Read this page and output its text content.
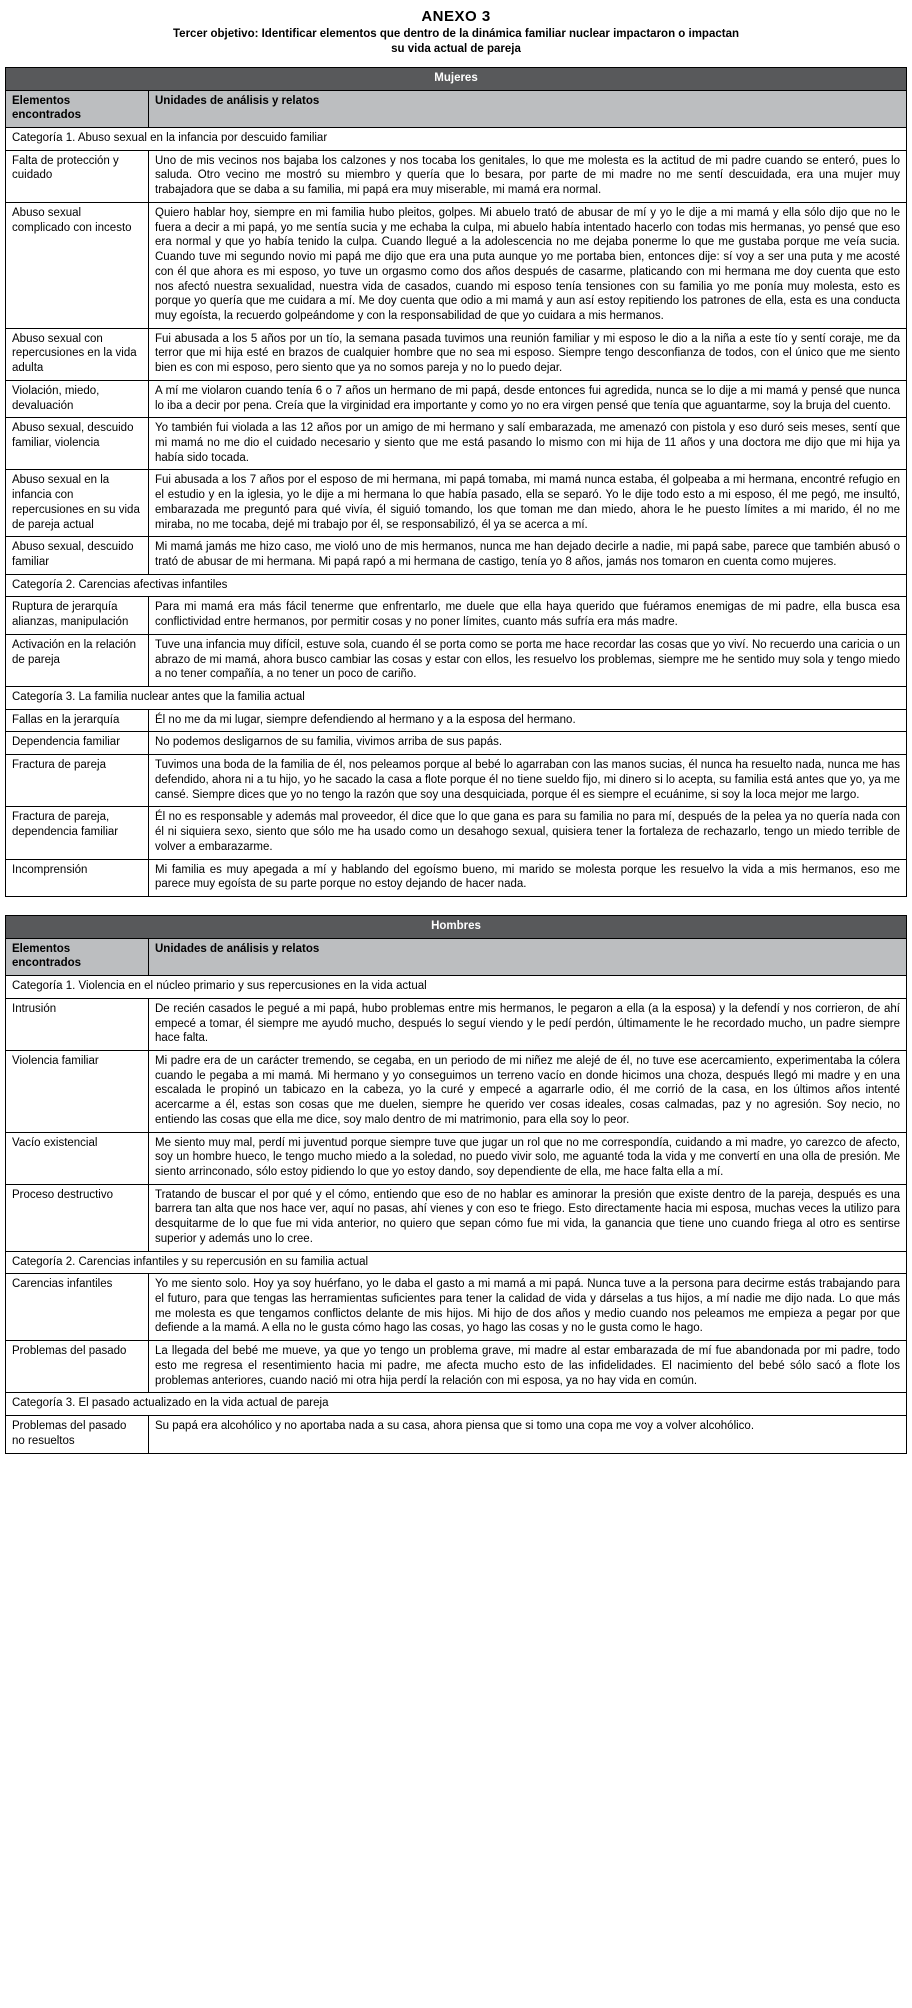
ANEXO 3
Tercer objetivo: Identificar elementos que dentro de la dinámica familiar nuclear impactaron o impactan
su vida actual de pareja
Mujeres	
Elementos encontrados	Unidades de análisis y relatos
Categoría 1. Abuso sexual en la infancia por descuido familiar	
Falta de protección y cuidado	Uno de mis vecinos nos bajaba los calzones y nos tocaba los genitales, lo que me molesta es la actitud de mi padre cuando se enteró, pues lo saluda. Otro vecino me mostró su miembro y quería que lo besara, por parte de mi madre no me sentí descuidada, era una mujer muy trabajadora que se daba a su familia, mi papá era muy miserable, mi mamá era normal.
Abuso sexual complicado con incesto	Quiero hablar hoy, siempre en mi familia hubo pleitos, golpes. Mi abuelo trató de abusar de mí y yo le dije a mi mamá y ella sólo dijo que no le fuera a decir a mi papá, yo me sentía sucia y me echaba la culpa, mi abuelo había intentado hacerlo con todas mis hermanas, yo pensé que eso era normal y que yo había tenido la culpa. Cuando llegué a la adolescencia no me dejaba ponerme lo que me gustaba porque me veía sucia. Cuando tuve mi segundo novio mi papá me dijo que era una puta aunque yo me portaba bien, entonces dije: sí voy a ser una puta y me acosté con él que ahora es mi esposo, yo tuve un orgasmo como dos años después de casarme, platicando con mi hermana me doy cuenta que esto nos afectó nuestra sexualidad, nuestra vida de casados, cuando mi esposo tenía tensiones con su familia yo me ponía muy molesta, esto es porque yo quería que me cuidara a mí. Me doy cuenta que odio a mi mamá y aun así estoy repitiendo los patrones de ella, esta es una conducta muy egoísta, la recuerdo golpeándome y con la responsabilidad de que yo cuidara a mis hermanos.
Abuso sexual con repercusiones en la vida adulta	Fui abusada a los 5 años por un tío, la semana pasada tuvimos una reunión familiar y mi esposo le dio a la niña a este tío y sentí coraje, me da terror que mi hija esté en brazos de cualquier hombre que no sea mi esposo. Siempre tengo desconfianza de todos, con el único que me siento bien es con mi esposo, pero siento que ya no somos pareja y no lo puedo dejar.
Violación, miedo, devaluación	A mí me violaron cuando tenía 6 o 7 años un hermano de mi papá, desde entonces fui agredida, nunca se lo dije a mi mamá y pensé que nunca lo iba a decir por pena. Creía que la virginidad era importante y como yo no era virgen pensé que tenía que aguantarme, soy la bruja del cuento.
Abuso sexual, descuido familiar, violencia	Yo también fui violada a las 12 años por un amigo de mi hermano y salí embarazada, me amenazó con pistola y eso duró seis meses, sentí que mi mamá no me dio el cuidado necesario y siento que me está pasando lo mismo con mi hija de 11 años y una doctora me dijo que mi hija ya había sido tocada.
Abuso sexual en la infancia con repercusiones en su vida de pareja actual	Fui abusada a los 7 años por el esposo de mi hermana, mi papá tomaba, mi mamá nunca estaba, él golpeaba a mi hermana, encontré refugio en el estudio y en la iglesia, yo le dije a mi hermana lo que había pasado, ella se separó. Yo le dije todo esto a mi esposo, él me pegó, me insultó, embarazada me preguntó para qué vivía, él siguió tomando, los que toman me dan miedo, ahora le he puesto límites a mi marido, él no me miraba, no me tocaba, dejé mi trabajo por él, se responsabilizó, él ya se acerca a mí.
Abuso sexual, descuido familiar	Mi mamá jamás me hizo caso, me violó uno de mis hermanos, nunca me han dejado decirle a nadie, mi papá sabe, parece que también abusó o trató de abusar de mi hermana. Mi papá rapó a mi hermana de castigo, tenía yo 8 años, jamás nos tomaron en cuenta como mujeres.
Categoría 2. Carencias afectivas infantiles	
Ruptura de jerarquía alianzas, manipulación	Para mi mamá era más fácil tenerme que enfrentarlo, me duele que ella haya querido que fuéramos enemigas de mi padre, ella busca esa conflictividad entre hermanos, por permitir cosas y no poner límites, cuanto más sufría era más madre.
Activación en la relación de pareja	Tuve una infancia muy difícil, estuve sola, cuando él se porta como se porta me hace recordar las cosas que yo viví. No recuerdo una caricia o un abrazo de mi mamá, ahora busco cambiar las cosas y estar con ellos, les resuelvo los problemas, siempre me he sentido muy sola y tengo miedo a no tener compañía, a no tener un poco de cariño.
Categoría 3. La familia nuclear antes que la familia actual	
Fallas en la jerarquía	Él no me da mi lugar, siempre defendiendo al hermano y a la esposa del hermano.
Dependencia familiar	No podemos desligarnos de su familia, vivimos arriba de sus papás.
Fractura de pareja	Tuvimos una boda de la familia de él, nos peleamos porque al bebé lo agarraban con las manos sucias, él nunca ha resuelto nada, nunca me has defendido, ahora ni a tu hijo, yo he sacado la casa a flote porque él no tiene sueldo fijo, mi dinero si lo acepta, su familia está antes que yo, ya me cansé. Siempre dices que yo no tengo la razón que soy una desquiciada, porque él es siempre el ecuánime, si soy la loca mejor me largo.
Fractura de pareja, dependencia familiar	Él no es responsable y además mal proveedor, él dice que lo que gana es para su familia no para mí, después de la pelea ya no quería nada con él ni siquiera sexo, siento que sólo me ha usado como un desahogo sexual, quisiera tener la fortaleza de rechazarlo, tengo un miedo terrible de volver a embarazarme.
Incomprensión	Mi familia es muy apegada a mí y hablando del egoísmo bueno, mi marido se molesta porque les resuelvo la vida a mis hermanos, eso me parece muy egoísta de su parte porque no estoy dejando de hacer nada.
Hombres	
Elementos encontrados	Unidades de análisis y relatos
Categoría 1. Violencia en el núcleo primario y sus repercusiones en la vida actual	
Intrusión	De recién casados le pegué a mi papá, hubo problemas entre mis hermanos, le pegaron a ella (a la esposa) y la defendí y nos corrieron, de ahí empecé a tomar, él siempre me ayudó mucho, después lo seguí viendo y le pedí perdón, últimamente le he recordado mucho, un padre siempre hace falta.
Violencia familiar	Mi padre era de un carácter tremendo, se cegaba, en un periodo de mi niñez me alejé de él, no tuve ese acercamiento, experimentaba la cólera cuando le pegaba a mi mamá. Mi hermano y yo conseguimos un terreno vacío en donde hicimos una choza, después llegó mi madre y en una escalada le propinó un tabicazo en la cabeza, yo la curé y empecé a agarrarle odio, él me corrió de la casa, en los últimos años intenté acercarme a él, estas son cosas que me duelen, siempre he querido ver cosas ideales, cosas calmadas, paz y no agresión. Soy necio, no entiendo las cosas que ella me dice, soy malo dentro de mi matrimonio, para ella soy lo peor.
Vacío existencial	Me siento muy mal, perdí mi juventud porque siempre tuve que jugar un rol que no me correspondía, cuidando a mi madre, yo carezco de afecto, soy un hombre hueco, le tengo mucho miedo a la soledad, no puedo vivir solo, me aguanté toda la vida y me convertí en una olla de presión. Me siento arrinconado, sólo estoy pidiendo lo que yo estoy dando, soy dependiente de ella, me hace falta ella a mí.
Proceso destructivo	Tratando de buscar el por qué y el cómo, entiendo que eso de no hablar es aminorar la presión que existe dentro de la pareja, después es una barrera tan alta que nos hace ver, aquí no pasas, ahí vienes y con eso te friego. Esto directamente hacia mi esposa, muchas veces la utilizo para desquitarme de lo que fue mi vida anterior, no quiero que sepan cómo fue mi vida, la ganancia que tiene uno cuando friega al otro es sentirse superior y además uno lo cree.
Categoría 2. Carencias infantiles y su repercusión en su familia actual	
Carencias infantiles	Yo me siento solo. Hoy ya soy huérfano, yo le daba el gasto a mi mamá a mi papá. Nunca tuve a la persona para decirme estás trabajando para el futuro, para que tengas las herramientas suficientes para tener la calidad de vida y dárselas a tus hijos, a mí nadie me dijo nada. Lo que más me molesta es que tengamos conflictos delante de mis hijos. Mi hijo de dos años y medio cuando nos peleamos me empieza a pegar por que defiende a la mamá. A ella no le gusta cómo hago las cosas, yo hago las cosas y no le gusta como le hago.
Problemas del pasado	La llegada del bebé me mueve, ya que yo tengo un problema grave, mi madre al estar embarazada de mí fue abandonada por mi padre, todo esto me regresa el resentimiento hacia mi padre, me afecta mucho esto de las infidelidades. El nacimiento del bebé sólo sacó a flote los problemas anteriores, cuando nació mi otra hija perdí la relación con mi esposa, ya no hay vida en común.
Categoría 3. El pasado actualizado en la vida actual de pareja	
Problemas del pasado no resueltos	Su papá era alcohólico y no aportaba nada a su casa, ahora piensa que si tomo una copa me voy a volver alcohólico.
